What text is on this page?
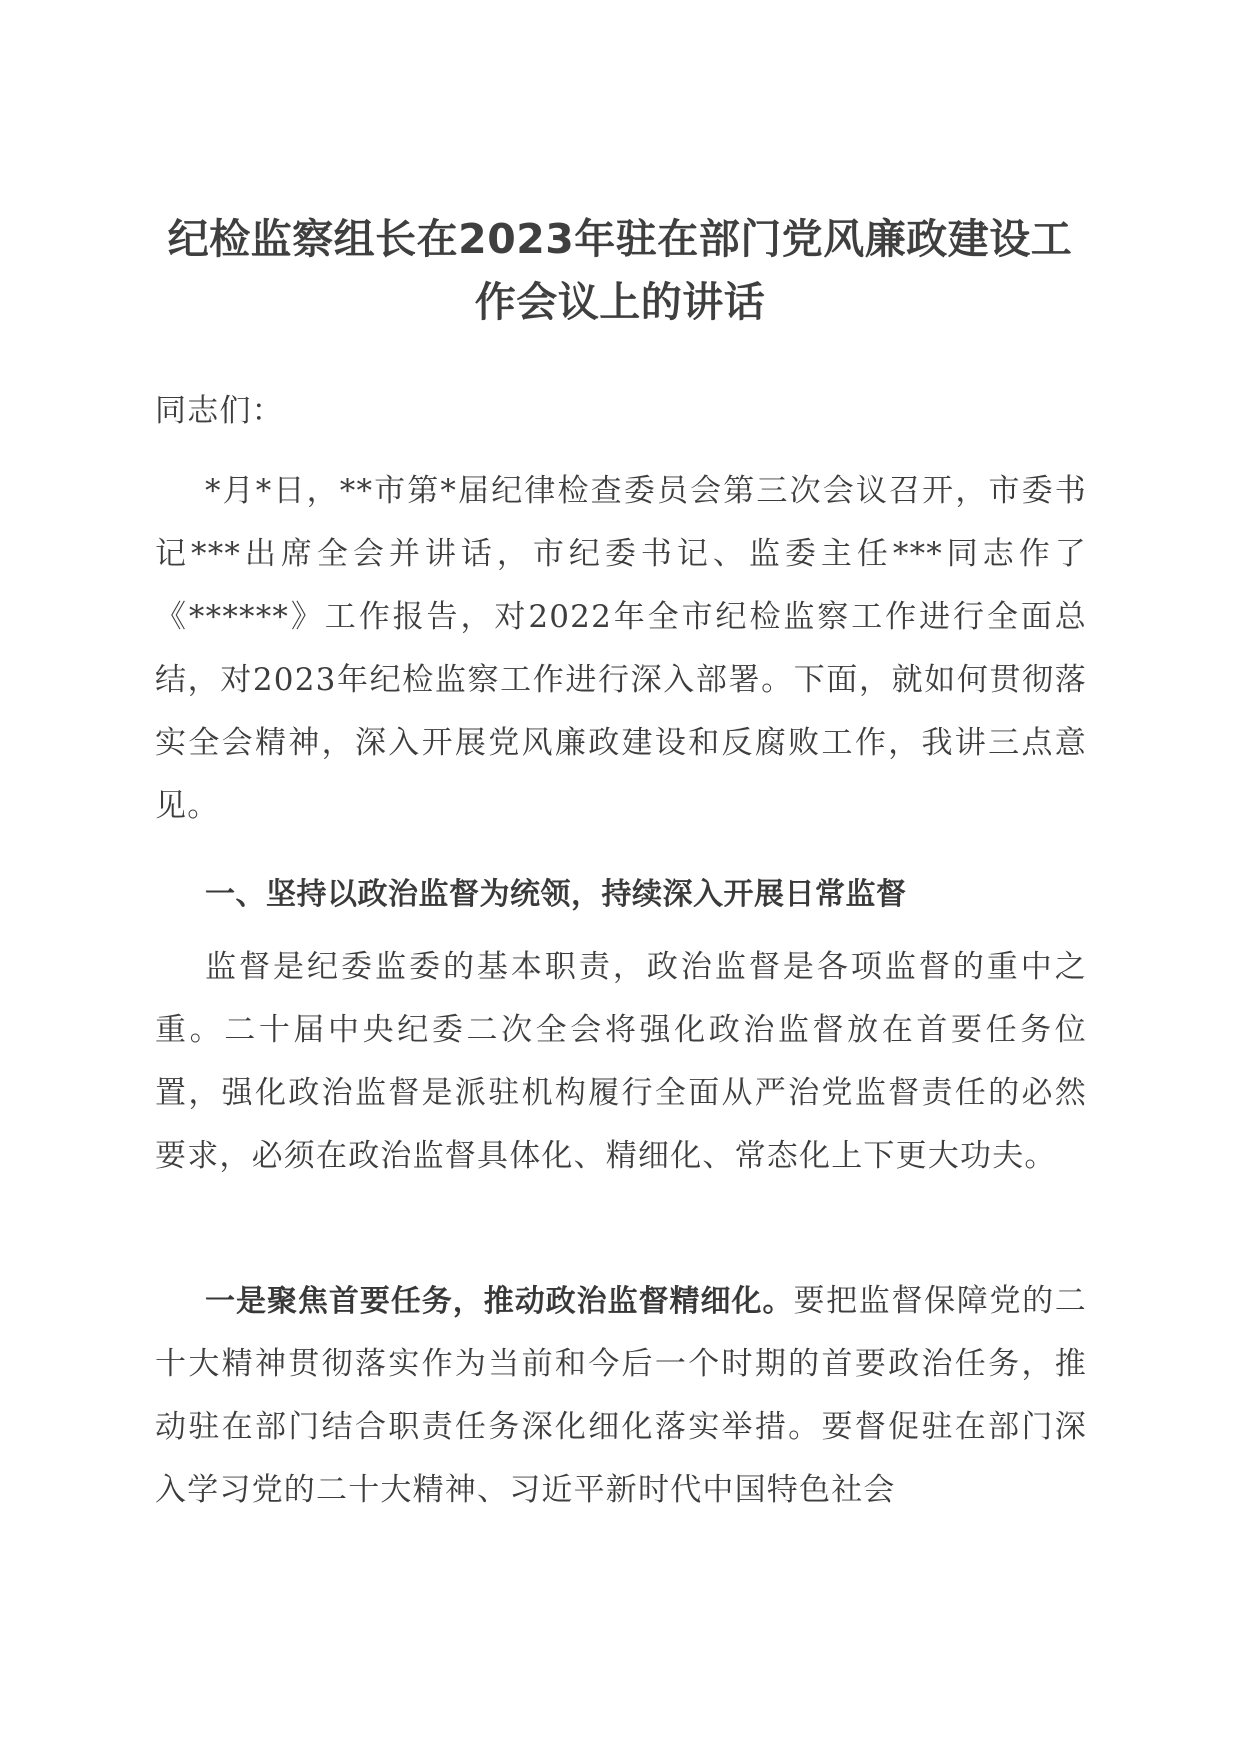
纪检监察组长在2023年驻在部门党风廉政建设工作会议上的讲话
同志们：
*月*日，**市第*届纪律检查委员会第三次会议召开，市委书记***出席全会并讲话，市纪委书记、监委主任***同志作了《******》工作报告，对2022年全市纪检监察工作进行全面总结，对2023年纪检监察工作进行深入部署。下面，就如何贯彻落实全会精神，深入开展党风廉政建设和反腐败工作，我讲三点意见。
一、坚持以政治监督为统领，持续深入开展日常监督
监督是纪委监委的基本职责，政治监督是各项监督的重中之重。二十届中央纪委二次全会将强化政治监督放在首要任务位置，强化政治监督是派驻机构履行全面从严治党监督责任的必然要求，必须在政治监督具体化、精细化、常态化上下更大功夫。
一是聚焦首要任务，推动政治监督精细化。要把监督保障党的二十大精神贯彻落实作为当前和今后一个时期的首要政治任务，推动驻在部门结合职责任务深化细化落实举措。要督促驻在部门深入学习党的二十大精神、习近平新时代中国特色社会
